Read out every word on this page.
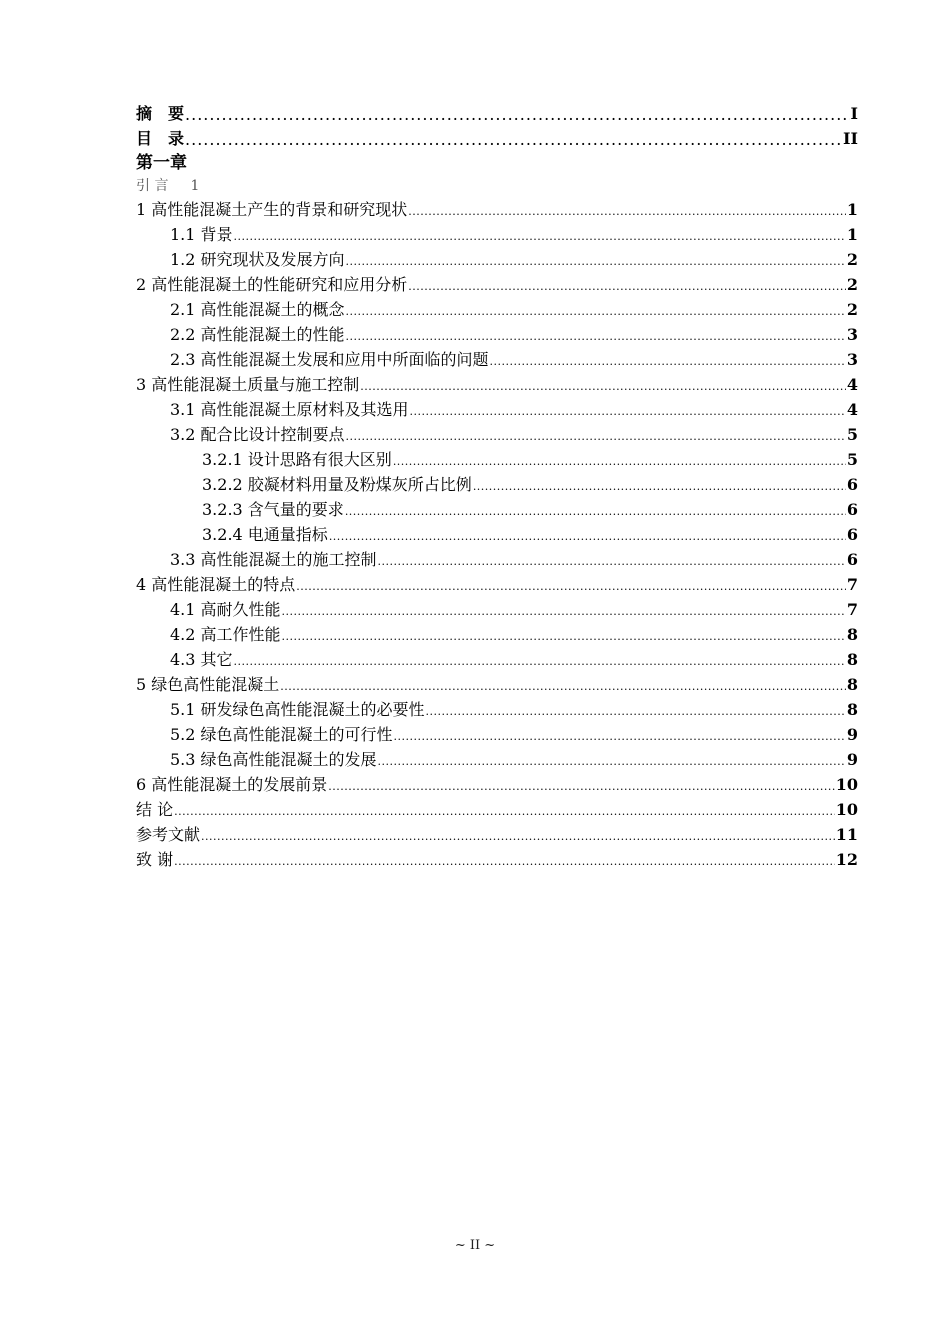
摘　要 .....	I
目　录 .....	II
第一章
引 言 1
1 高性能混凝土产生的背景和研究现状 .....	1
1.1 背景 .....	1
1.2 研究现状及发展方向 .....	2
2 高性能混凝土的性能研究和应用分析 .....	2
2.1 高性能混凝土的概念 .....	2
2.2 高性能混凝土的性能 .....	3
2.3 高性能混凝土发展和应用中所面临的问题 .....	3
3 高性能混凝土质量与施工控制 .....	4
3.1 高性能混凝土原材料及其选用 .....	4
3.2 配合比设计控制要点 .....	5
3.2.1 设计思路有很大区别 .....	5
3.2.2 胶凝材料用量及粉煤灰所占比例 .....	6
3.2.3 含气量的要求 .....	6
3.2.4 电通量指标 .....	6
3.3 高性能混凝土的施工控制 .....	6
4 高性能混凝土的特点 .....	7
4.1 高耐久性能 .....	7
4.2 高工作性能 .....	8
4.3 其它 .....	8
5 绿色高性能混凝土 .....	8
5.1 研发绿色高性能混凝土的必要性 .....	8
5.2 绿色高性能混凝土的可行性 .....	9
5.3 绿色高性能混凝土的发展 .....	9
6 高性能混凝土的发展前景 .....	10
结 论 .....	10
参考文献 .....	11
致 谢 .....	12
~ II ~
